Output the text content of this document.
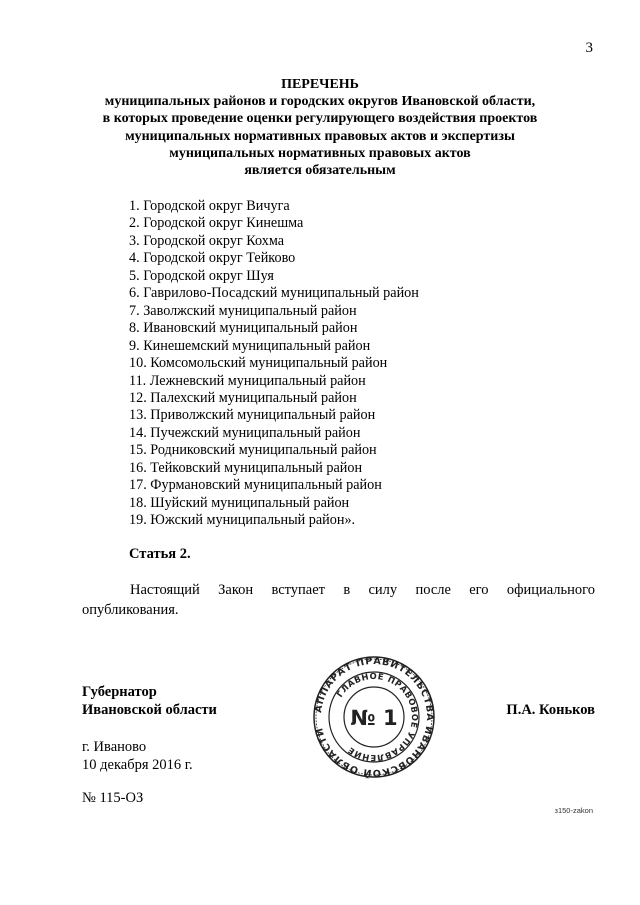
3
ПЕРЕЧЕНЬ
муниципальных районов и городских округов Ивановской области,
в которых проведение оценки регулирующего воздействия проектов
муниципальных нормативных правовых актов и экспертизы
муниципальных нормативных правовых актов
является обязательным
1. Городской округ Вичуга
2. Городской округ Кинешма
3. Городской округ Кохма
4. Городской округ Тейково
5. Городской округ Шуя
6. Гаврилово-Посадский муниципальный район
7. Заволжский муниципальный район
8. Ивановский муниципальный район
9. Кинешемский муниципальный район
10. Комсомольский муниципальный район
11. Лежневский муниципальный район
12. Палехский муниципальный район
13. Приволжский муниципальный район
14. Пучежский муниципальный район
15. Родниковский муниципальный район
16. Тейковский муниципальный район
17. Фурмановский муниципальный район
18. Шуйский муниципальный район
19. Южский муниципальный район».
Статья 2.
Настоящий Закон вступает в силу после его официального
опубликования.
Губернатор
Ивановской области	П.А. Коньков
г. Иваново
10 декабря 2016 г.
№ 115-ОЗ
з150-zakon
АППАРАТ ПРАВИТЕЛЬСТВА ИВАНОВСКОЙ ОБЛАСТИ
ГЛАВНОЕ ПРАВОВОЕ УПРАВЛЕНИЕ
№ 1
